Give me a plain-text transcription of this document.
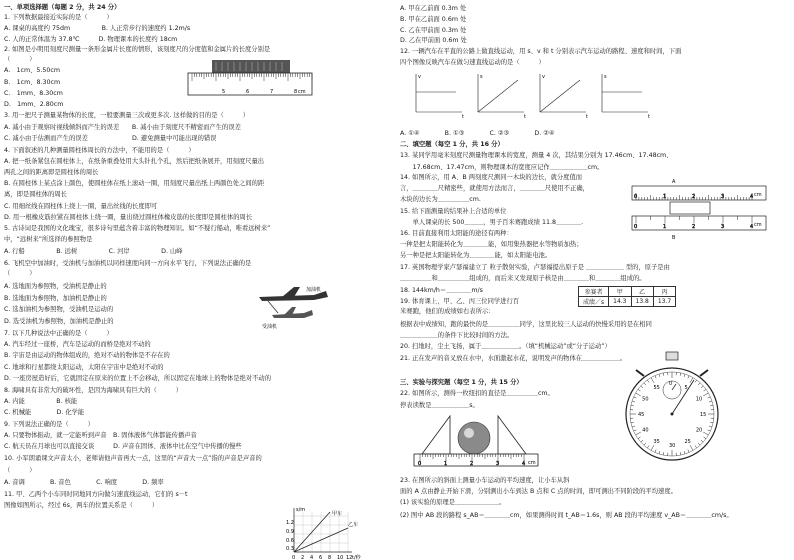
一、单项选择题（每题 2 分，共 24 分）
1. 下列数据最接近实际的是（　　　）
A. 课桌的高度约 75dm　　　　　B. 人正常步行的速度约 1.2m/s
C. 人的正常体温为 37.8℃　　　D. 物理课本的长度约 18cm
2. 如图是小明用刻度尺测量一条形金属片长度的情形，该刻度尺的分度值和金属片的长度分别是
（　　　）
A.　1cm、5.50cm
B.　1cm、8.30cm
C.　1mm、8.30cm
D.　1mm、2.80cm
3. 用一把尺子测量某物体的长度，一般要测量三次或更多次. 这样做的目的是（　　　）
A. 减小由于观察时视线倾斜而产生的误差　　B. 减小由于刻度尺不精密而产生的误差
C. 减小由于估测而产生的误差　　　　　　　D. 避免测量中可能出现的错误
4. 下面叙述的几种测量圆柱体周长的方法中，不能用的是（　　　）
A. 把一纸条紧包在圆柱体上，在纸条重叠处用大头针扎个孔，然后把纸条展开，用刻度尺量出
两孔之间的距离即是圆柱体的周长
B. 在圆柱体上某点涂上颜色，使圆柱体在纸上滚动一圈，用刻度尺量出纸上两颜色处之间的距
离，即是圆柱体的周长
C. 用细丝线在圆柱体上绕上一圈，量出丝线的长度即可
D. 用一根橡皮筋拉紧在圆柱体上绕一圈，量出绕过圆柱体橡皮筋的长度即是圆柱体的周长
5. 古诗词是我国的文化瑰宝，很多诗句里蕴含着丰富的物理知识。如“不疑行船动，唯看远树来”
中，“远树来”所选择的参照物是
A. 行船　　　　　B. 远树　　　　　C. 河岸　　　　　D. 山峰
6. 飞机空中加油时，受油机与加油机以同样速度向同一方向水平飞行，下列说法正确的是
（　　　）
A. 选地面为参照物，受油机是静止的
B. 选地面为参照物，加油机是静止的
C. 选加油机为参照物，受油机是运动的
D. 选受油机为参照物，加油机是静止的
7. 以下几种说法中正确的是（　　　）
A. 汽车经过一座桥，汽车是运动的而桥是绝对不动的
B. 宇宙是由运动的物体组成的，绝对不动的物体是不存在的
C. 地球和行星都绕太阳运动，太阳在宇宙中是绝对不动的
D. 一座房屋造好后，它就固定在原来的位置上不会移动，所以固定在地球上的物体是绝对不动的
8. 海啸具有非常大的破坏性，是因为海啸具有巨大的（　　　）
A. 内能　　　　　B. 核能
C. 机械能　　　　D. 化学能
9. 下列说法正确的是（　　　）
A. 只要物体振动，就一定能听到声音　B. 固体液体气体都能传播声音
C. 航天员在月球也可以直接交谈　　　D. 声音在固体、液体中比在空气中传播的慢些
10. 小军朗诵课文声音太小，老师请他声音再大一点，这里的“声音大一点”指的声音是声音的
（　　　）
A. 音调　　　　B. 音色　　　　C. 响度　　　　D. 频率
11. 甲、乙两个小车同时同地同方向做匀速直线运动，它们的 s－t
图像如图所示，经过 6s，两车的位置关系是（　　　）
A. 甲在乙前面 0.3m 处
B. 甲在乙前面 0.6m 处
C. 乙在甲前面 0.3m 处
D. 乙在甲前面 0.6m 处
12. 一辆汽车在平直的公路上做直线运动，用 s、v 和 t 分别表示汽车运动的路程、速度和时间，下面
四个图像反映汽车在做匀速直线运动的是（　　　）
A. ①④　　　　B. ①③　　　　C. ②③　　　　D. ②④
二、填空题（每空 1 分，共 16 分）
13. 某同学用毫米刻度尺测量物理课本的宽度，测量 4 次，其结果分别为 17.46cm、17.48cm、
　　17.68cm、17.47cm，则物理课本的宽度应记作＿＿＿＿＿＿cm。
14. 如图所示，用 A、B 两刻度尺测同一木块的边长，就分度值而
言，＿＿＿＿尺精密些，就使用方法而言，＿＿＿＿尺使用不正确，
木块的边长为＿＿＿＿＿cm.
15. 给下面测量的结果补上合适的单位
　　单人课桌的长 500＿＿＿，男子百米赛跑成绩 11.8＿＿＿＿.
16. 目前直接利用太阳能的途径有两种：
一种是把太阳能转化为＿＿＿＿能，如用集热器把水等物质加热；
另一种是把太阳能转化为＿＿＿＿能，如太阳能电池。
17. 英国物理学家卢瑟福建立了 粒子散射实验，卢瑟福提出原子是 ＿＿＿＿＿＿ 型的，原子是由
＿＿＿＿＿和＿＿＿＿＿组成的，而后来又发现原子核是由＿＿＿＿和＿＿＿＿组成的。
18. 144km/h＝＿＿＿＿m/s
19. 体育课上，甲、乙、丙三位同学进行百
米赛跑，他们的成绩如右表所示：
根据表中成绩知，跑的最快的是＿＿＿＿＿同学，这里比较三人运动的快慢采用的是在相同
＿＿＿＿＿＿的条件下比较时间的方法。
20. 扫地时，尘土飞扬，属于＿＿＿＿＿＿。（填“机械运动”或“分子运动”）
21. 正在发声的音叉放在水中，水面激起水花，说明发声的物体在＿＿＿＿＿＿。
三、实验与探究题（每空 1 分，共 15 分）
22. 如图所示，测得一枚纽扣的直径是＿＿＿＿＿cm。
停表读数是＿＿＿＿＿＿s。
23. 在图所示的斜面上测量小车运动的平均速度，让小车从斜
面的 A 点由静止开始下滑，分别测出小车到达 B 点和 C 点的时间，即可测出不同阶段的平均速度。
(1) 该实验的原理是＿＿＿＿＿＿＿。
(2) 图中 AB 段的路程 s_AB＝＿＿＿＿cm，如果测得时间 t_AB＝1.6s，则 AB 段的平均速度 v_AB＝＿＿＿＿cm/s。
5	6	7	8 cm
加油机
受油机
s/m
甲车
乙车
1.2
0.9
0.6
0.3
0 2 4 6 8 10 12 t/秒
v
t
s
t
v
t
s
t
A
0	1	2	3	4
0	1	2	3	4
B
cm
cm
参赛者	甲	乙	丙
成绩／s	14.3	13.8	13.7
0	1	2	3	4 cm
0
5
10
15
20
25
30
35
40
45
50
55
